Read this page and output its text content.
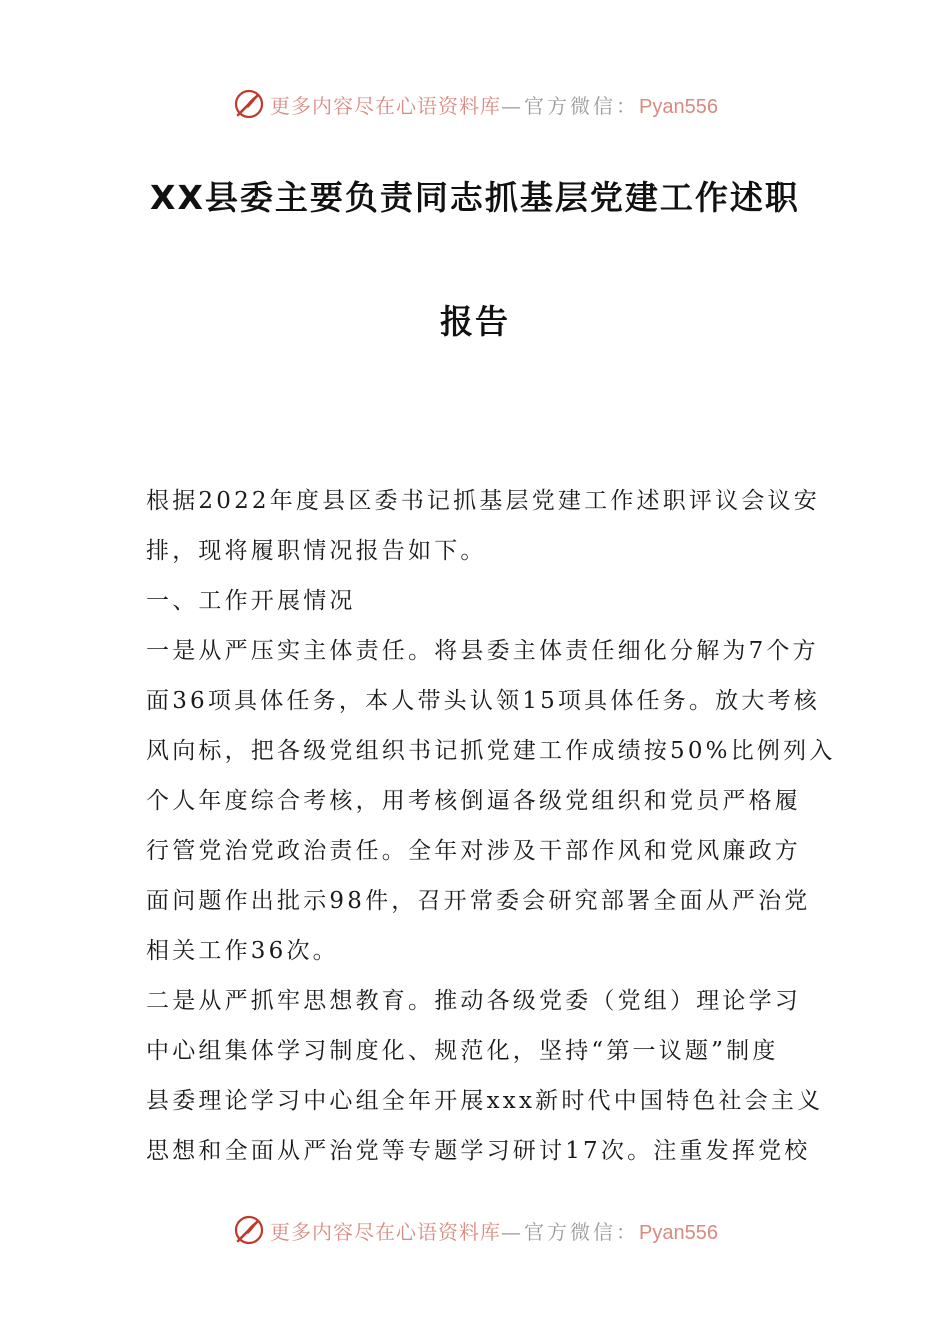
更多内容尽在心语资料库—官方微信：Pyan556
XX县委主要负责同志抓基层党建工作述职
报告
根据2022年度县区委书记抓基层党建工作述职评议会议安
排，现将履职情况报告如下。
一、工作开展情况
一是从严压实主体责任。将县委主体责任细化分解为7个方
面36项具体任务，本人带头认领15项具体任务。放大考核
风向标，把各级党组织书记抓党建工作成绩按50%比例列入
个人年度综合考核，用考核倒逼各级党组织和党员严格履
行管党治党政治责任。全年对涉及干部作风和党风廉政方
面问题作出批示98件，召开常委会研究部署全面从严治党
相关工作36次。
二是从严抓牢思想教育。推动各级党委（党组）理论学习
中心组集体学习制度化、规范化，坚持“第一议题”制度
县委理论学习中心组全年开展xxx新时代中国特色社会主义
思想和全面从严治党等专题学习研讨17次。注重发挥党校
更多内容尽在心语资料库—官方微信：Pyan556
